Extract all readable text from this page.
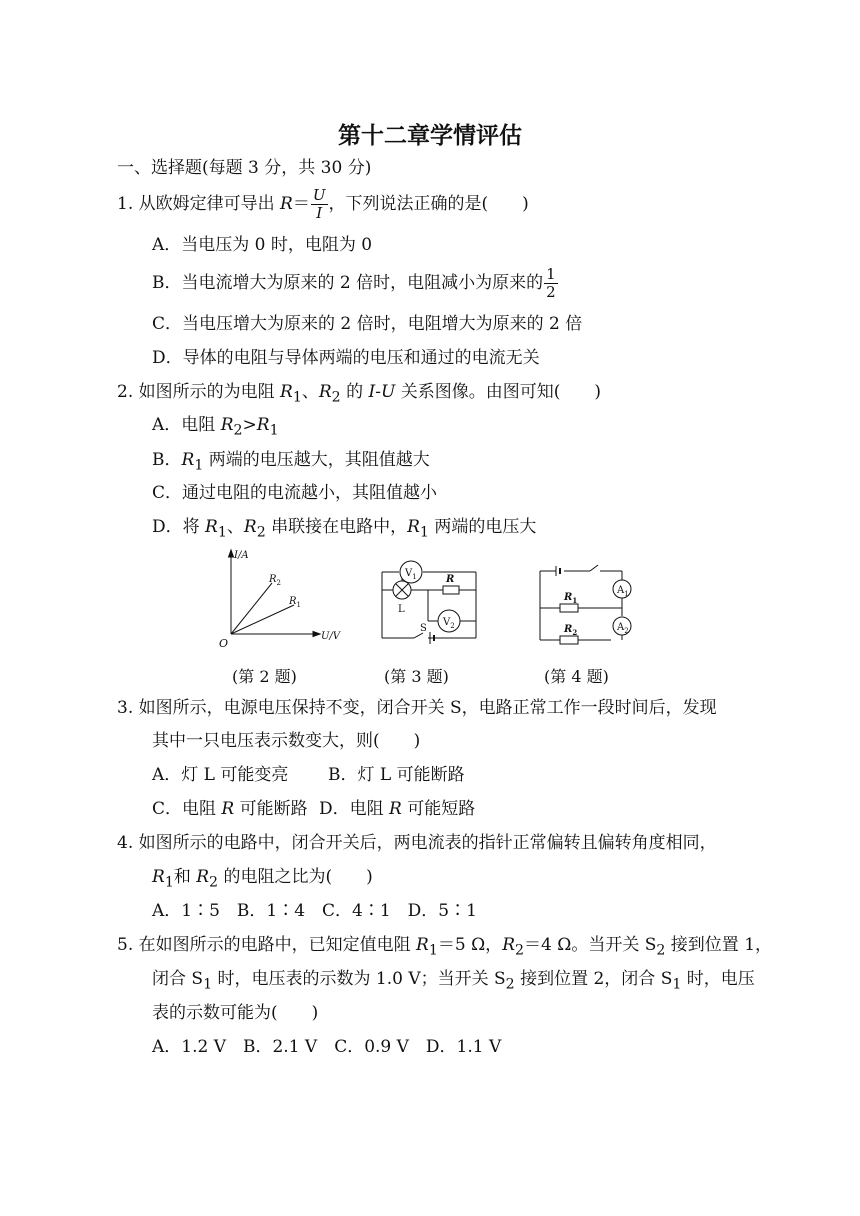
第十二章学情评估
一、选择题(每题 3 分，共 30 分)
1. 从欧姆定律可导出 $R= \frac{U}{I}$ ，下列说法正确的是(　　)
A．当电压为 0 时，电阻为 0
B．当电流增大为原来的 2 倍时，电阻减小为原来的 $\frac{1}{2}$
C．当电压增大为原来的 2 倍时，电阻增大为原来的 2 倍
D．导体的电阻与导体两端的电压和通过的电流无关
2. 如图所示的为电阻 $R_1$、$R_2$ 的 I-U 关系图像。由图可知(　　)
A．电阻 $R_2>R_1$
B．$R_1$ 两端的电压越大，其阻值越大
C．通过电阻的电流越小，其阻值越小
D．将 $R_1$、$R_2$ 串联接在电路中，$R_1$ 两端的电压大
I/A
U/V
O
$R_2$
$R_1$
$V_1$
L
R
$V_2$
S
$A_1$
$R_1$
$R_2$	$A_2$
(第 2 题)	(第 3 题)	(第 4 题)
3. 如图所示，电源电压保持不变，闭合开关 S，电路正常工作一段时间后，发现
其中一只电压表示数变大，则(　　)
A．灯 L 可能变亮 B．灯 L 可能断路
C．电阻 R 可能断路 D．电阻 R 可能短路
4. 如图所示的电路中，闭合开关后，两电流表的指针正常偏转且偏转角度相同，
$R_1$和 $R_2$ 的电阻之比为(　　)
A．1∶5　B．1∶4　C．4∶1　D．5∶1
5. 在如图所示的电路中，已知定值电阻 $R_1=5$ Ω，$R_2=4$ Ω。当开关 $S_2$ 接到位置 1，
闭合 $S_1$ 时，电压表的示数为 1.0 V；当开关 $S_2$ 接到位置 2，闭合 $S_1$ 时，电压
表的示数可能为(　　)
A．1.2 V　B．2.1 V　C．0.9 V　D．1.1 V
